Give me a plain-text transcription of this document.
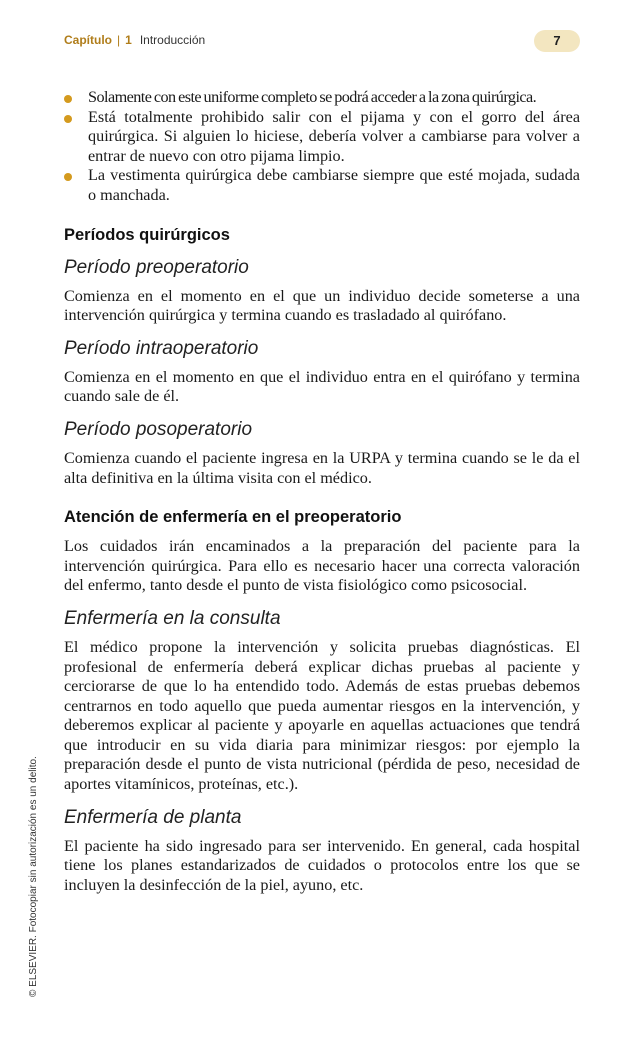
Capítulo | 1 Introducción	7
© ELSEVIER. Fotocopiar sin autorización es un delito.
Solamente con este uniforme completo se podrá acceder a la zona quirúrgica.
Está totalmente prohibido salir con el pijama y con el gorro del área quirúrgica. Si alguien lo hiciese, debería volver a cambiarse para volver a entrar de nuevo con otro pijama limpio.
La vestimenta quirúrgica debe cambiarse siempre que esté mojada, sudada o manchada.
Períodos quirúrgicos
Período preoperatorio

Comienza en el momento en el que un individuo decide someterse a una intervención quirúrgica y termina cuando es trasladado al quirófano.

Período intraoperatorio

Comienza en el momento en que el individuo entra en el quirófano y termina cuando sale de él.

Período posoperatorio

Comienza cuando el paciente ingresa en la URPA y termina cuando se le da el alta definitiva en la última visita con el médico.

Atención de enfermería en el preoperatorio

Los cuidados irán encaminados a la preparación del paciente para la intervención quirúrgica. Para ello es necesario hacer una correcta valoración del enfermo, tanto desde el punto de vista fisiológico como psicosocial.

Enfermería en la consulta

El médico propone la intervención y solicita pruebas diagnósticas. El profesional de enfermería deberá explicar dichas pruebas al paciente y cerciorarse de que lo ha entendido todo. Además de estas pruebas debemos centrarnos en todo aquello que pueda aumentar riesgos en la intervención, y deberemos explicar al paciente y apoyarle en aquellas actuaciones que tendrá que introducir en su vida diaria para minimizar riesgos: por ejemplo la preparación desde el punto de vista nutricional (pérdida de peso, necesidad de aportes vitamínicos, proteínas, etc.).

Enfermería de planta

El paciente ha sido ingresado para ser intervenido. En general, cada hospital tiene los planes estandarizados de cuidados o protocolos entre los que se incluyen la desinfección de la piel, ayuno, etc.
